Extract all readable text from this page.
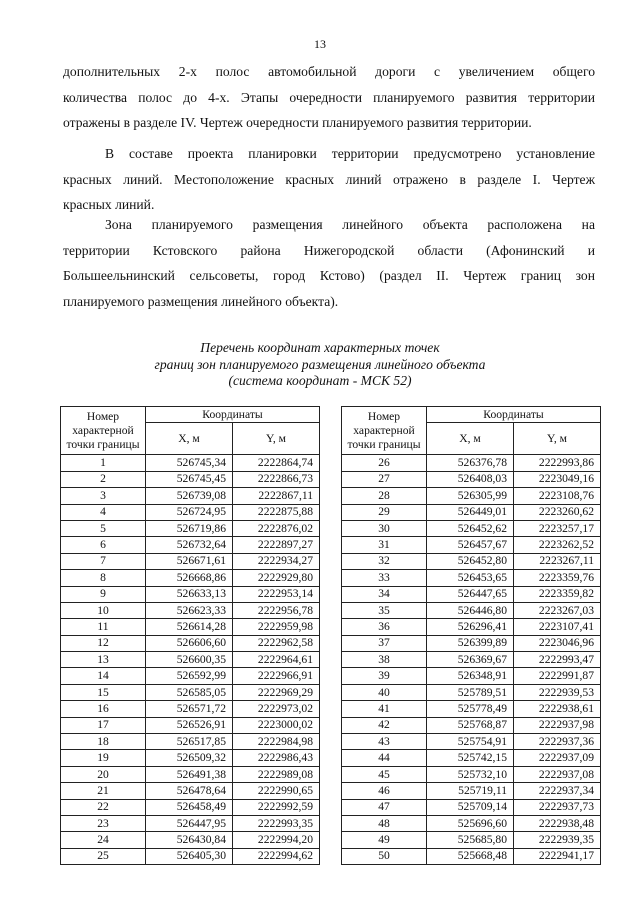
13

дополнительных 2-х полос автомобильной дороги с увеличением общего
количества полос до 4-х. Этапы очередности планируемого развития территории
отражены в разделе IV. Чертеж очередности планируемого развития территории.

В составе проекта планировки территории предусмотрено установление
красных линий. Местоположение красных линий отражено в разделе I. Чертеж
красных линий.

Зона планируемого размещения линейного объекта расположена на
территории Кстовского района Нижегородской области (Афонинский и
Большеельнинский сельсоветы, город Кстово) (раздел II. Чертеж границ зон
планируемого размещения линейного объекта).

Перечень координат характерных точек
границ зон планируемого размещения линейного объекта
(система координат - МСК 52)
Номер
характерной
точки границы	Координаты	
	X, м	Y, м
1	526745,34	2222864,74
2	526745,45	2222866,73
3	526739,08	2222867,11
4	526724,95	2222875,88
5	526719,86	2222876,02
6	526732,64	2222897,27
7	526671,61	2222934,27
8	526668,86	2222929,80
9	526633,13	2222953,14
10	526623,33	2222956,78
11	526614,28	2222959,98
12	526606,60	2222962,58
13	526600,35	2222964,61
14	526592,99	2222966,91
15	526585,05	2222969,29
16	526571,72	2222973,02
17	526526,91	2223000,02
18	526517,85	2222984,98
19	526509,32	2222986,43
20	526491,38	2222989,08
21	526478,64	2222990,65
22	526458,49	2222992,59
23	526447,95	2222993,35
24	526430,84	2222994,20
25	526405,30	2222994,62
Номер
характерной
точки границы	Координаты	
	X, м	Y, м
26	526376,78	2222993,86
27	526408,03	2223049,16
28	526305,99	2223108,76
29	526449,01	2223260,62
30	526452,62	2223257,17
31	526457,67	2223262,52
32	526452,80	2223267,11
33	526453,65	2223359,76
34	526447,65	2223359,82
35	526446,80	2223267,03
36	526296,41	2223107,41
37	526399,89	2223046,96
38	526369,67	2222993,47
39	526348,91	2222991,87
40	525789,51	2222939,53
41	525778,49	2222938,61
42	525768,87	2222937,98
43	525754,91	2222937,36
44	525742,15	2222937,09
45	525732,10	2222937,08
46	525719,11	2222937,34
47	525709,14	2222937,73
48	525696,60	2222938,48
49	525685,80	2222939,35
50	525668,48	2222941,17
